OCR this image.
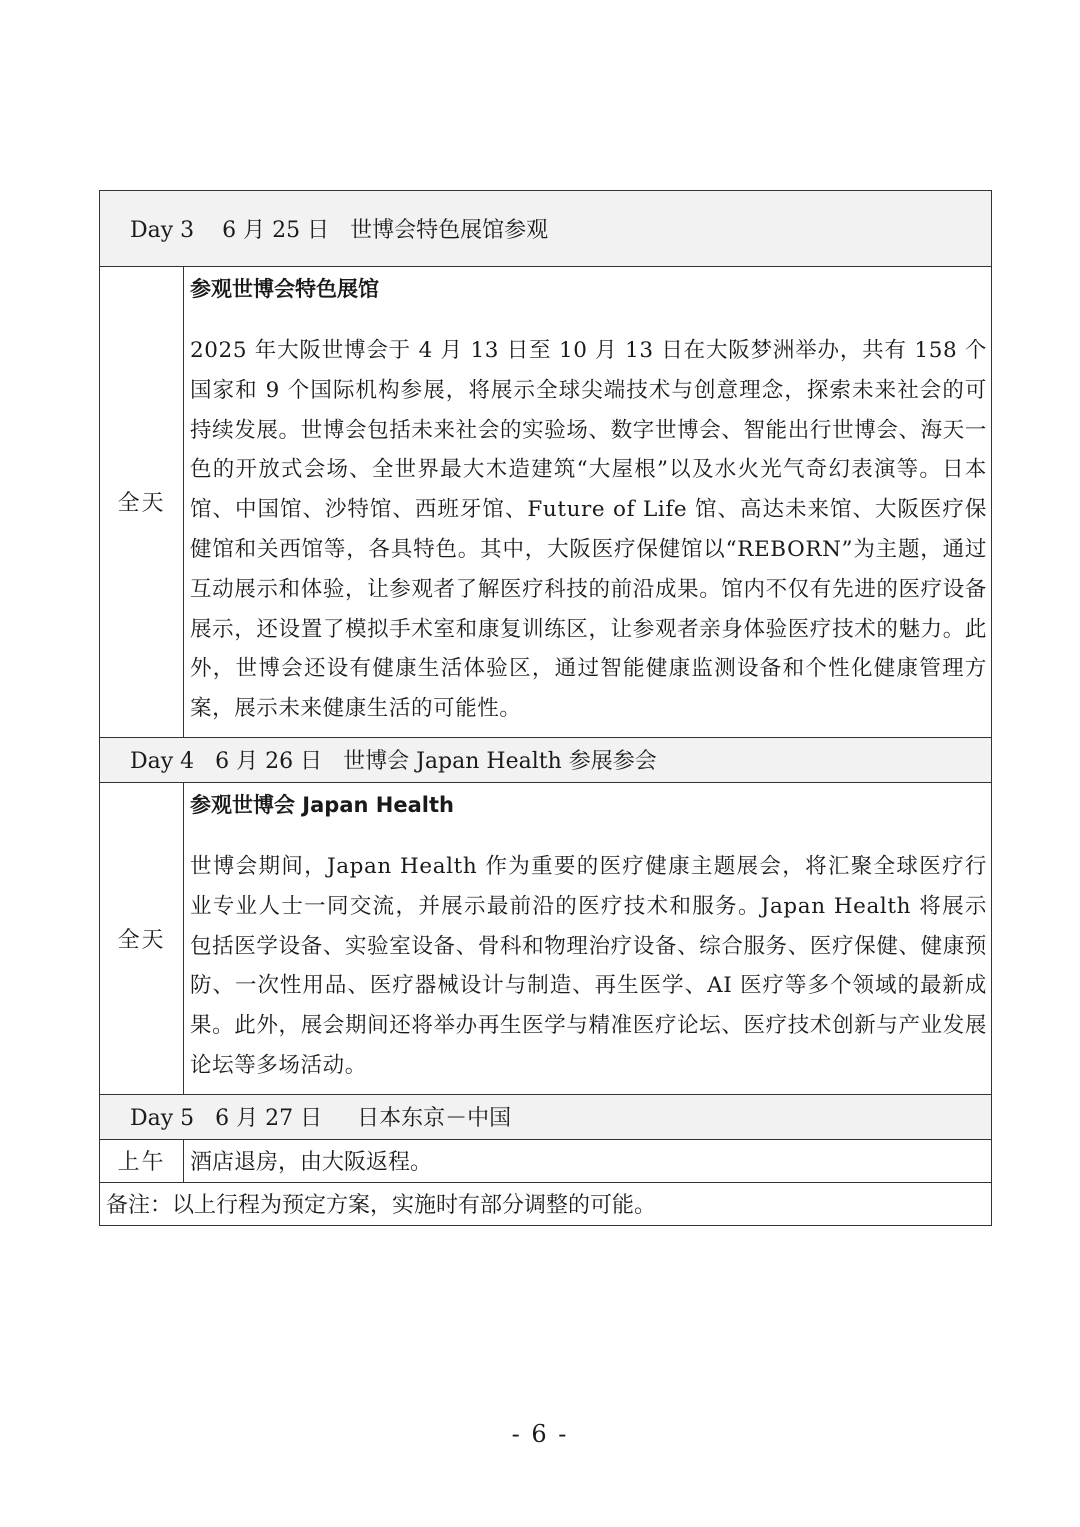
Day 3    6 月 25 日   世博会特色展馆参观	
全天	参观世博会特色展馆

2025 年大阪世博会于 4 月 13 日至 10 月 13 日在大阪梦洲举办，共有 158 个国家和 9 个国际机构参展，将展示全球尖端技术与创意理念，探索未来社会的可持续发展。世博会包括未来社会的实验场、数字世博会、智能出行世博会、海天一色的开放式会场、全世界最大木造建筑“大屋根”以及水火光气奇幻表演等。日本馆、中国馆、沙特馆、西班牙馆、Future of Life 馆、高达未来馆、大阪医疗保健馆和关西馆等，各具特色。其中，大阪医疗保健馆以“REBORN”为主题，通过互动展示和体验，让参观者了解医疗科技的前沿成果。馆内不仅有先进的医疗设备展示，还设置了模拟手术室和康复训练区，让参观者亲身体验医疗技术的魅力。此外，世博会还设有健康生活体验区，通过智能健康监测设备和个性化健康管理方案，展示未来健康生活的可能性。

Day 4   6 月 26 日   世博会 Japan Health 参展参会	
全天	参观世博会 Japan Health

世博会期间，Japan Health 作为重要的医疗健康主题展会，将汇聚全球医疗行业专业人士一同交流，并展示最前沿的医疗技术和服务。Japan Health 将展示包括医学设备、实验室设备、骨科和物理治疗设备、综合服务、医疗保健、健康预防、一次性用品、医疗器械设计与制造、再生医学、AI 医疗等多个领域的最新成果。此外，展会期间还将举办再生医学与精准医疗论坛、医疗技术创新与产业发展论坛等多场活动。

Day 5   6 月 27 日     日本东京－中国	
上午	酒店退房，由大阪返程。
备注：以上行程为预定方案，实施时有部分调整的可能。	
- 6 -
